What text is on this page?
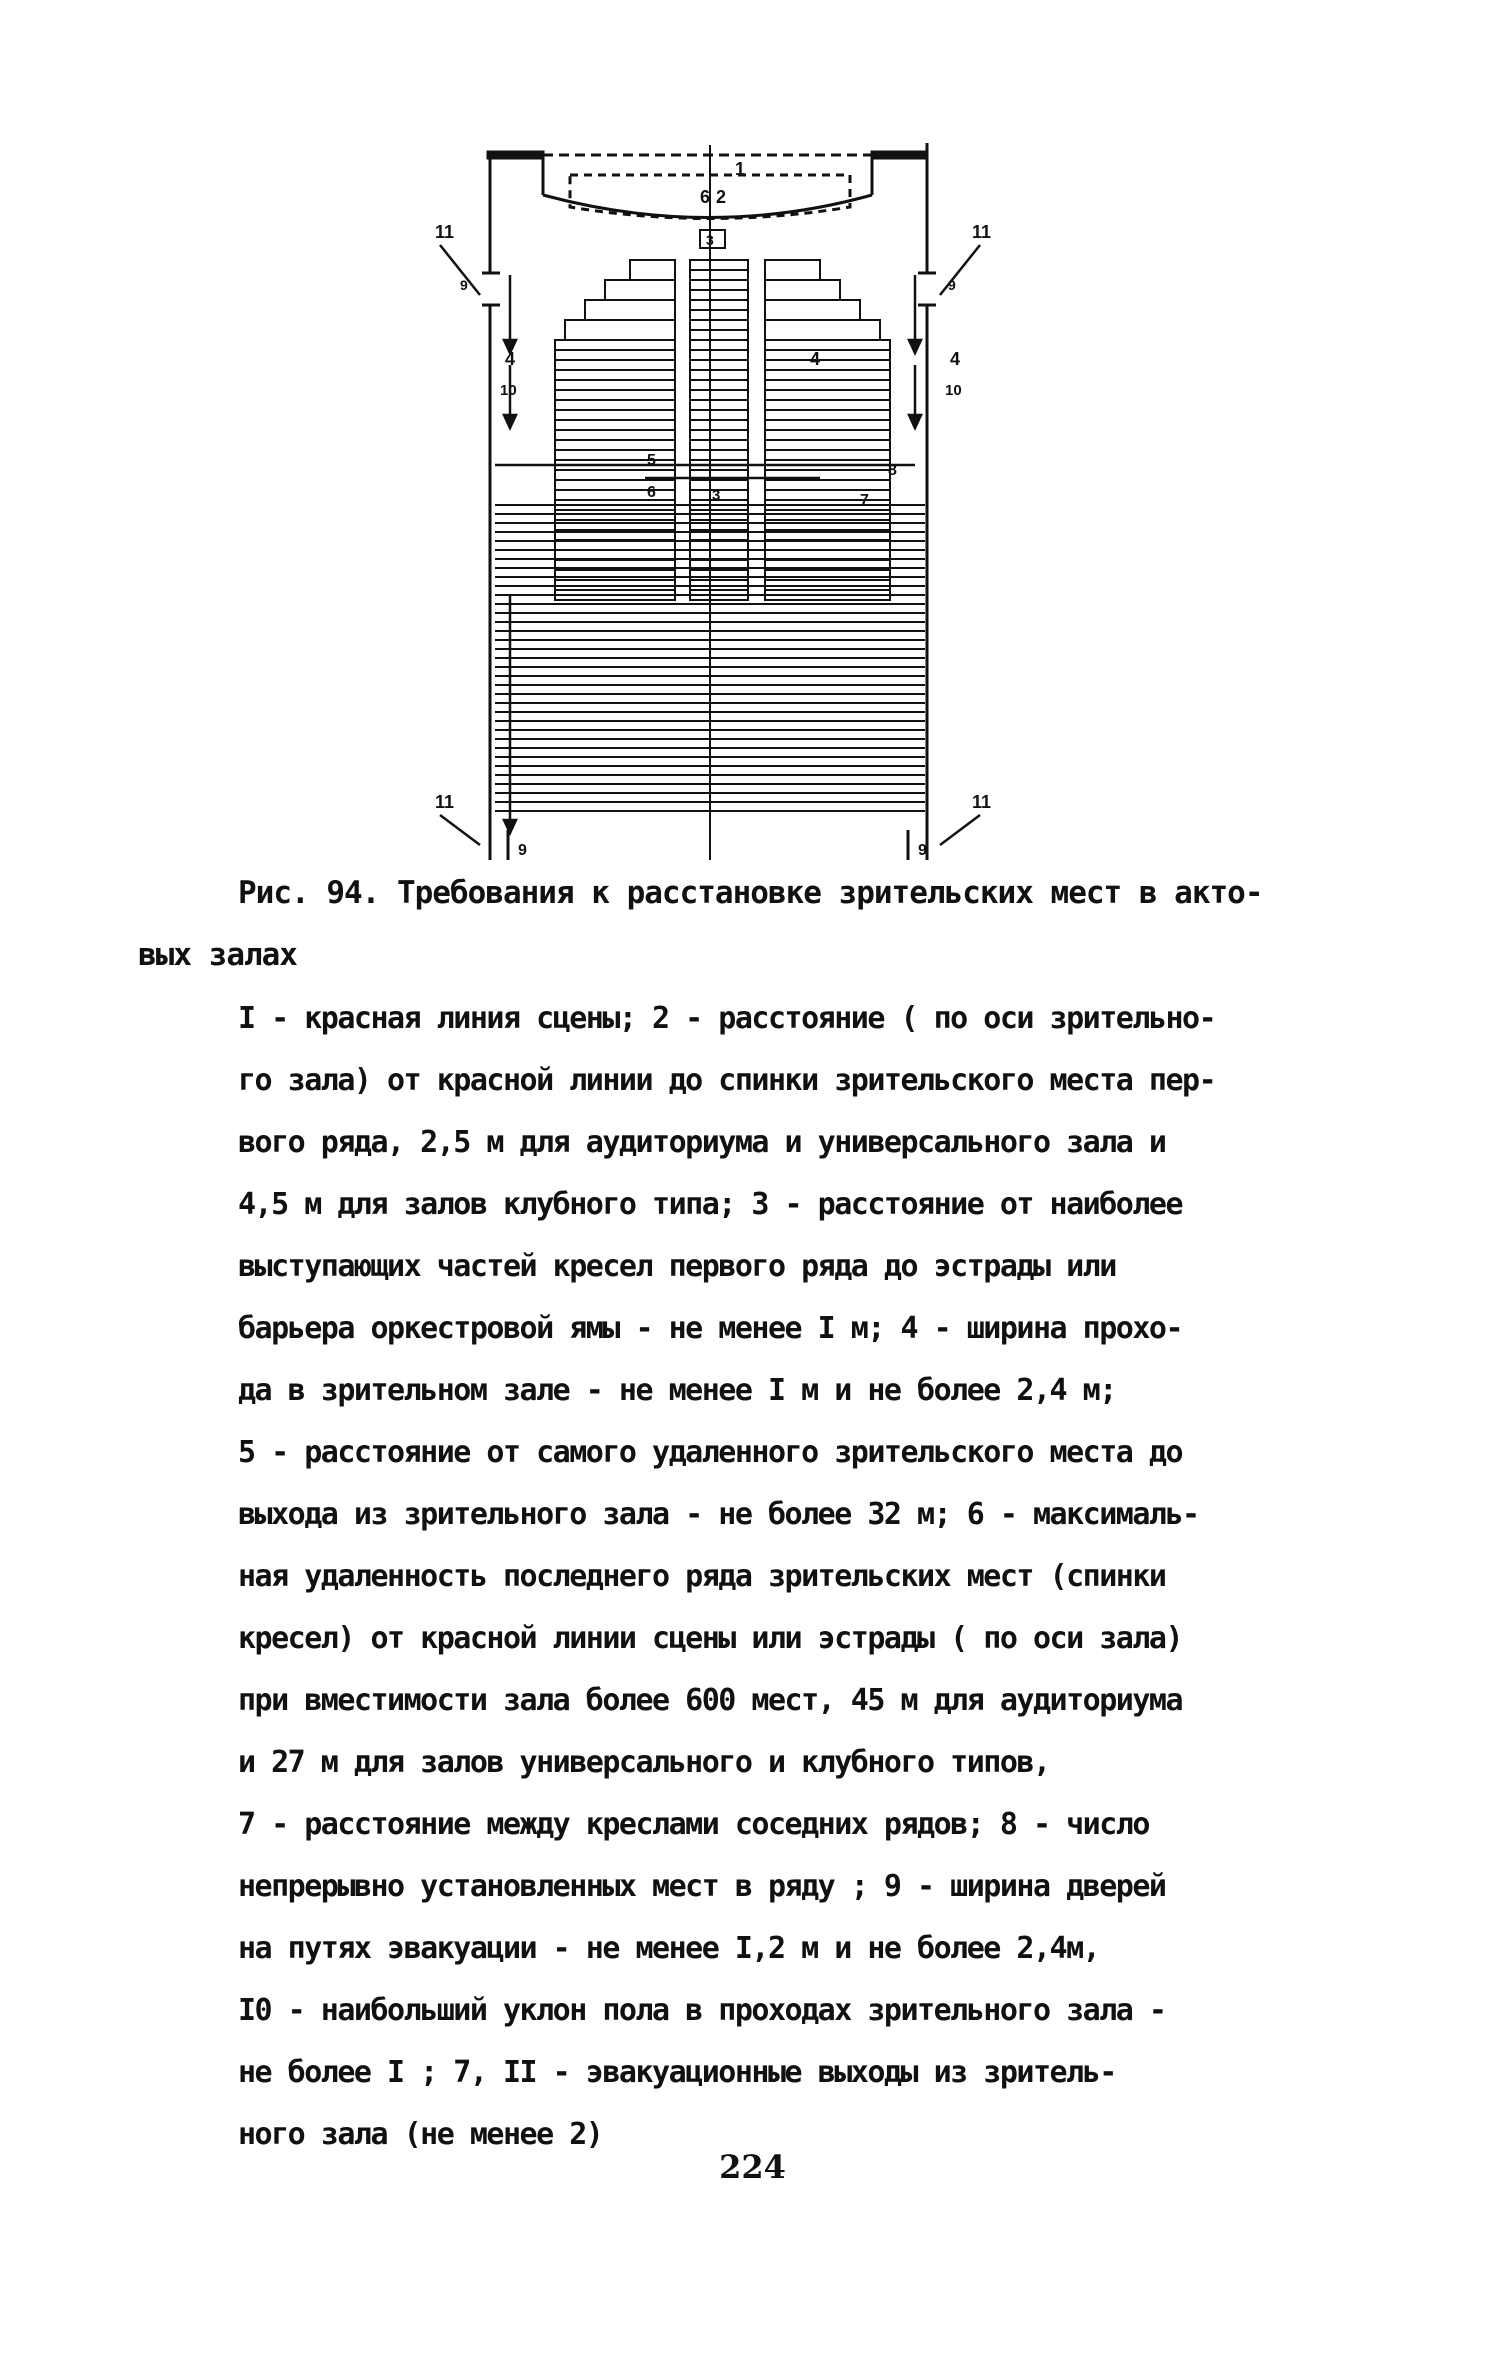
11	11
11	11
1
6 2
3
4	4	4
10	10
5
6	3
8
7
9	9
9	9
Рис. 94. Требования к расстановке зрительских мест в акто-
вых залах
I - красная линия сцены; 2 - расстояние ( по оси зрительно-
го зала) от красной линии до спинки зрительского места пер-
вого ряда, 2,5 м для аудиториума и универсального зала и
4,5 м для залов клубного типа; 3 - расстояние от наиболее
выступающих частей кресел первого ряда до эстрады или
барьера оркестровой ямы - не менее I м; 4 - ширина прохо-
да в зрительном зале - не менее I м и не более 2,4 м;
5 - расстояние от самого удаленного зрительского места до
выхода из зрительного зала - не более 32 м; 6 - максималь-
ная удаленность последнего ряда зрительских мест (спинки
кресел) от красной линии сцены или эстрады ( по оси зала)
при вместимости зала более 600 мест, 45 м для аудиториума
и 27 м для залов универсального и клубного типов,
7 - расстояние между креслами соседних рядов; 8 - число
непрерывно установленных мест в ряду ; 9 - ширина дверей
на путях эвакуации - не менее I,2 м и не более 2,4м,
I0 - наибольший уклон пола в проходах зрительного зала -
не более I ; 7, II - эвакуационные выходы из зритель-
ного зала (не менее 2)
224
